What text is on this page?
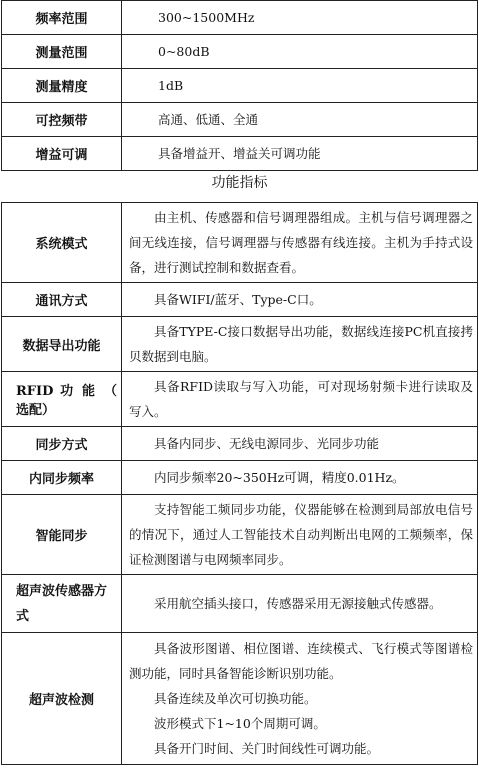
频率范围	300~1500MHz
测量范围	0~80dB
测量精度	1dB
可控频带	高通、低通、全通
增益可调	具备增益开、增益关可调功能
功能指标
系统模式	由主机、传感器和信号调理器组成。主机与信号调理器之间无线连接，信号调理器与传感器有线连接。主机为手持式设备，进行测试控制和数据查看。

通讯方式	具备WIFI/蓝牙、Type-C口。

数据导出功能	具备TYPE-C接口数据导出功能，数据线连接PC机直接拷贝数据到电脑。

RFID 功 能 （ 选配）	具备RFID读取与写入功能，可对现场射频卡进行读取及写入。

同步方式	具备内同步、无线电源同步、光同步功能

内同步频率	内同步频率20~350Hz可调，精度0.01Hz。

智能同步	支持智能工频同步功能，仪器能够在检测到局部放电信号的情况下，通过人工智能技术自动判断出电网的工频频率，保证检测图谱与电网频率同步。

超声波传感器方式	采用航空插头接口，传感器采用无源接触式传感器。

超声波检测	具备波形图谱、相位图谱、连续模式、飞行模式等图谱检测功能，同时具备智能诊断识别功能。

具备连续及单次可切换功能。

波形模式下1~10个周期可调。

具备开门时间、关门时间线性可调功能。
